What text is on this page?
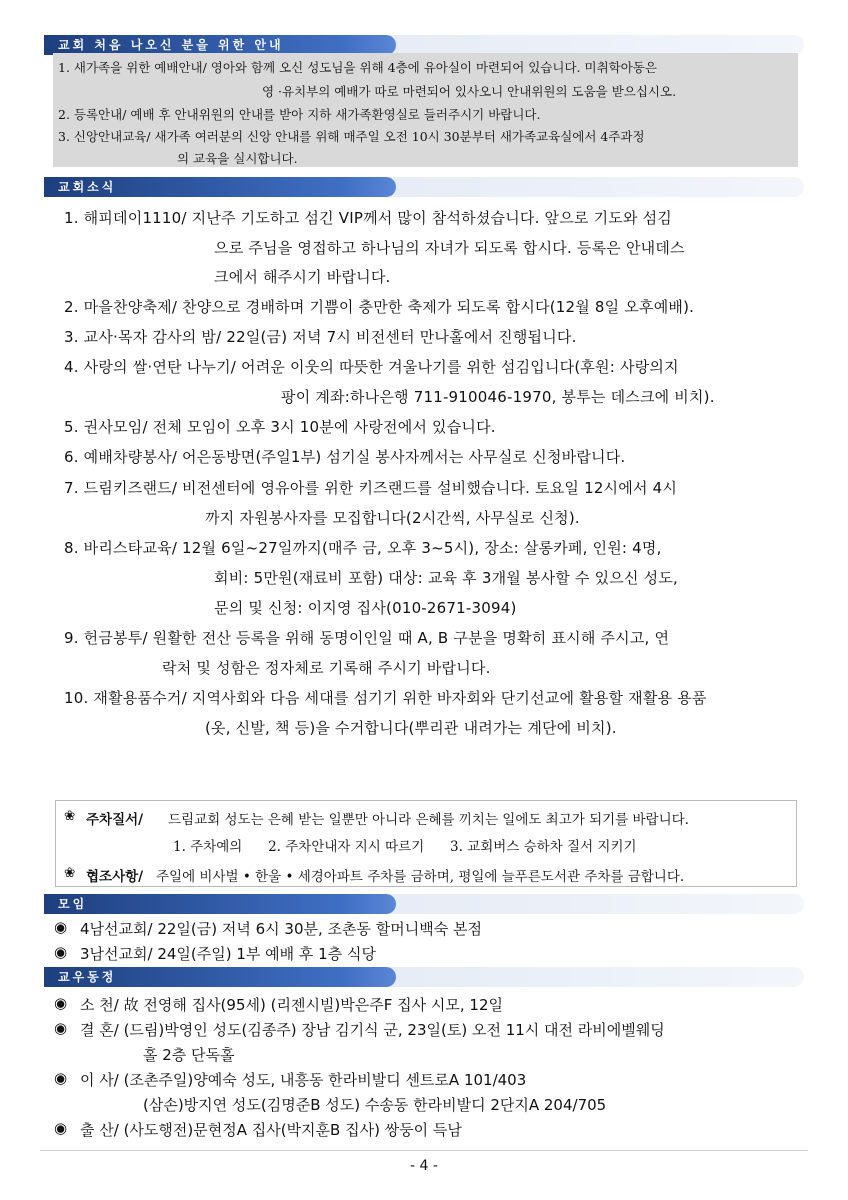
교회 처음 나오신 분을 위한 안내
1. 새가족을 위한 예배안내/ 영아와 함께 오신 성도님을 위해 4층에 유아실이 마련되어 있습니다. 미취학아동은
영 ·유치부의 예배가 따로 마련되어 있사오니 안내위원의 도움을 받으십시오.
2. 등록안내/ 예배 후 안내위원의 안내를 받아 지하 새가족환영실로 들러주시기 바랍니다.
3. 신앙안내교육/ 새가족 여러분의 신앙 안내를 위해 매주일 오전 10시 30분부터 새가족교육실에서 4주과정
의 교육을 실시합니다.
교회소식
1. 해피데이1110/ 지난주 기도하고 섬긴 VIP께서 많이 참석하셨습니다. 앞으로 기도와 섬김
으로 주님을 영접하고 하나님의 자녀가 되도록 합시다. 등록은 안내데스
크에서 해주시기 바랍니다.
2. 마을찬양축제/ 찬양으로 경배하며 기쁨이 충만한 축제가 되도록 합시다(12월 8일 오후예배).
3. 교사·목자 감사의 밤/ 22일(금) 저녁 7시 비전센터 만나홀에서 진행됩니다.
4. 사랑의 쌀·연탄 나누기/ 어려운 이웃의 따뜻한 겨울나기를 위한 섬김입니다(후원: 사랑의지
팡이 계좌:하나은행 711-910046-1970, 봉투는 데스크에 비치).
5. 권사모임/ 전체 모임이 오후 3시 10분에 사랑전에서 있습니다.
6. 예배차량봉사/ 어은동방면(주일1부) 섬기실 봉사자께서는 사무실로 신청바랍니다.
7. 드림키즈랜드/ 비전센터에 영유아를 위한 키즈랜드를 설비했습니다. 토요일 12시에서 4시
까지 자원봉사자를 모집합니다(2시간씩, 사무실로 신청).
8. 바리스타교육/ 12월 6일~27일까지(매주 금, 오후 3~5시), 장소: 살롱카페, 인원: 4명,
회비: 5만원(재료비 포함) 대상: 교육 후 3개월 봉사할 수 있으신 성도,
문의 및 신청: 이지영 집사(010-2671-3094)
9. 헌금봉투/ 원활한 전산 등록을 위해 동명이인일 때 A, B 구분을 명확히 표시해 주시고, 연
락처 및 성함은 정자체로 기록해 주시기 바랍니다.
10. 재활용품수거/ 지역사회와 다음 세대를 섬기기 위한 바자회와 단기선교에 활용할 재활용 용품
(옷, 신발, 책 등)을 수거합니다(뿌리관 내려가는 계단에 비치).
❀ 주차질서/ 드림교회 성도는 은혜 받는 일뿐만 아니라 은혜를 끼치는 일에도 최고가 되기를 바랍니다.
1. 주차예의      2. 주차안내자 지시 따르기      3. 교회버스 승하차 질서 지키기
❀ 협조사항/ 주일에 비사벌 • 한울 • 세경아파트 주차를 금하며, 평일에 늘푸른도서관 주차를 금합니다.
모임
◉ 4남선교회/ 22일(금) 저녁 6시 30분, 조촌동 할머니백숙 본점
◉ 3남선교회/ 24일(주일) 1부 예배 후 1층 식당
교우동정
◉ 소 천/ 故 전영해 집사(95세) (리젠시빌)박은주F 집사 시모, 12일
◉ 결 혼/ (드림)박영인 성도(김종주) 장남 김기식 군, 23일(토) 오전 11시 대전 라비에벨웨딩
홀 2층 단독홀
◉ 이 사/ (조촌주일)양예숙 성도, 내흥동 한라비발디 센트로A 101/403
(삼손)방지연 성도(김명준B 성도) 수송동 한라비발디 2단지A 204/705
◉ 출 산/ (사도행전)문현정A 집사(박지훈B 집사) 쌍둥이 득남
- 4 -
